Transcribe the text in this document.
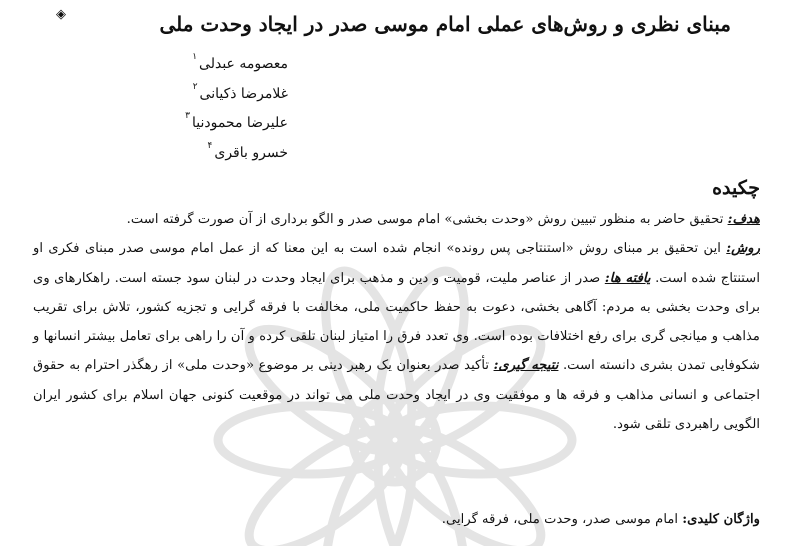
مبنای نظری و روش‌های عملی امام موسی صدر در ایجاد وحدت ملی
◈
معصومه عبدلی$^۱$
غلامرضا ذکیانی$^۲$
علیرضا محمودنیا$^۳$
خسرو باقری$^۴$
چکیده

هدف: تحقیق حاضر به منظور تبیین روش «وحدت بخشی» امام موسی صدر و الگو برداری از آن صورت گرفته است.
روش: این تحقیق بر مبنای روش «استنتاجی پس رونده» انجام شده است به این معنا که از عمل امام موسی صدر مبنای فکری او استنتاج شده است. یافته ها: صدر از عناصر ملیت، قومیت و دین و مذهب برای ایجاد وحدت در لبنان سود جسته است. راهکارهای وی برای وحدت بخشی به مردم: آگاهی بخشی، دعوت به حفظ حاکمیت ملی، مخالفت با فرقه گرایی و تجزیه کشور، تلاش برای تقریب مذاهب و میانجی گری برای رفع اختلافات بوده است. وی تعدد فرق را امتیاز لبنان تلقی کرده و آن را راهی برای تعامل بیشتر انسانها و شکوفایی تمدن بشری دانسته است. نتیجه گیری: تأکید صدر بعنوان یک رهبر دینی بر موضوع «وحدت ملی» از رهگذر احترام به حقوق اجتماعی و انسانی مذاهب و فرقه ها و موفقیت وی در ایجاد وحدت ملی می تواند در موقعیت کنونی جهان اسلام برای کشور ایران الگویی راهبردی تلقی شود.

واژگان کلیدی: امام موسی صدر، وحدت ملی، فرقه گرایی.
